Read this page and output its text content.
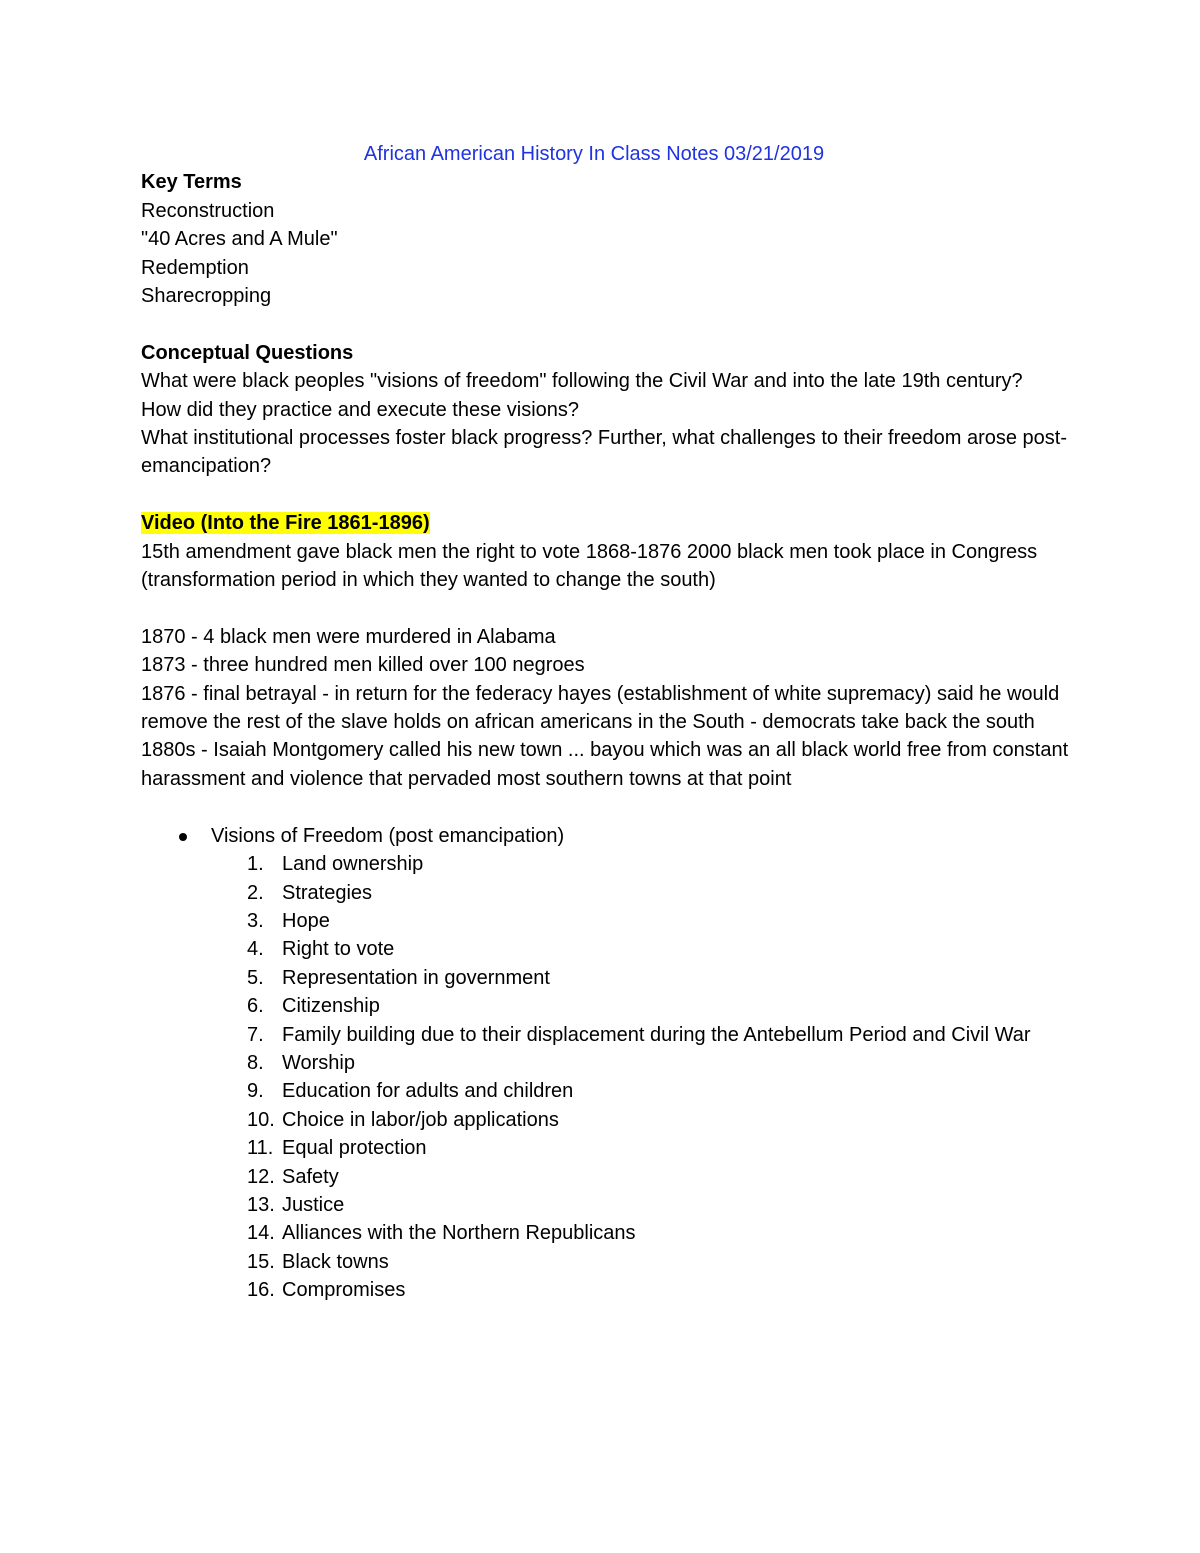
African American History In Class Notes 03/21/2019

Key Terms

Reconstruction

"40 Acres and A Mule"

Redemption

Sharecropping

Conceptual Questions

What were black peoples "visions of freedom" following the Civil War and into the late 19th century?

How did they practice and execute these visions?

What institutional processes foster black progress? Further, what challenges to their freedom arose post-emancipation?

Video (Into the Fire 1861-1896)

15th amendment gave black men the right to vote 1868-1876 2000 black men took place in Congress (transformation period in which they wanted to change the south)

1870 - 4 black men were murdered in Alabama

1873 - three hundred men killed over 100 negroes

1876 - final betrayal - in return for the federacy hayes (establishment of white supremacy) said he would remove the rest of the slave holds on african americans in the South - democrats take back the south

1880s - Isaiah Montgomery called his new town ... bayou which was an all black world free from constant harassment and violence that pervaded most southern towns at that point

Visions of Freedom (post emancipation)
1. Land ownership
2. Strategies
3. Hope
4. Right to vote
5. Representation in government
6. Citizenship
7. Family building due to their displacement during the Antebellum Period and Civil War
8. Worship
9. Education for adults and children
10. Choice in labor/job applications
11. Equal protection
12. Safety
13. Justice
14. Alliances with the Northern Republicans
15. Black towns
16. Compromises
